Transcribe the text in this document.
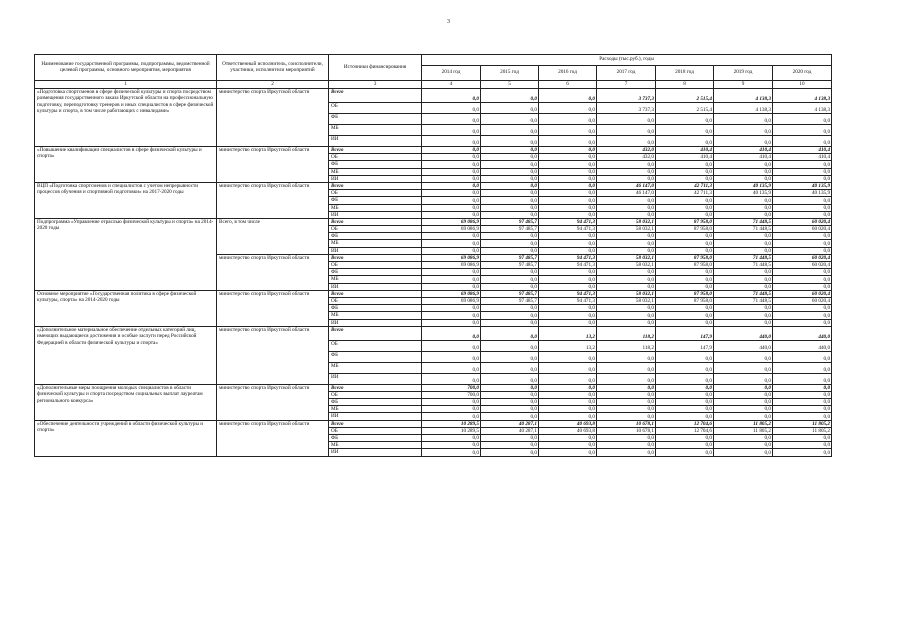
3
Наименование государственной программы, подпрограммы, ведомственной целевой программы, основного мероприятия, мероприятия	Ответственный исполнитель, соисполнители, участники, исполнители мероприятий	Источники финансирования	Расходы (тыс.руб.), годы						
			2014 год	2015 год	2016 год	2017 год	2018 год	2019 год	2020 год
1	2	3	4	5	6	7	8	9	10
«Подготовка спортсменов в сфере физической культуры и спорта посредством размещения государственного заказа Иркутской области на профессиональную подготовку, переподготовку тренеров и иных специалистов в сфере физической культуры и спорта, в том числе работающих с инвалидами»	министерство спорта Иркутской области	Всего	0,0	0,0	0,0	3 737,3	2 515,4	4 138,3	4 138,3
		ОБ	0,0	0,0	0,0	3 737,3	2 515,4	4 138,3	4 138,3
		ФБ	0,0	0,0	0,0	0,0	0,0	0,0	0,0
		МБ	0,0	0,0	0,0	0,0	0,0	0,0	0,0
		ИИ	0,0	0,0	0,0	0,0	0,0	0,0	0,0
«Повышение квалификации специалистов в сфере физической культуры и спорта»	министерство спорта Иркутской области	Всего	0,0	0,0	0,0	432,0	410,4	410,4	410,4
		ОБ	0,0	0,0	0,0	432,0	410,4	410,4	410,4
		ФБ	0,0	0,0	0,0	0,0	0,0	0,0	0,0
		МБ	0,0	0,0	0,0	0,0	0,0	0,0	0,0
		ИИ	0,0	0,0	0,0	0,0	0,0	0,0	0,0
ВЦП «Подготовка спортсменов и специалистов с учетом непрерывности процессов обучения и спортивной подготовки» на 2017-2020 годы	министерство спорта Иркутской области	Всего	0,0	0,0	0,0	46 147,0	42 711,3	40 135,9	40 135,9
		ОБ	0,0	0,0	0,0	46 147,0	42 711,3	40 135,9	40 135,9
		ФБ	0,0	0,0	0,0	0,0	0,0	0,0	0,0
		МБ	0,0	0,0	0,0	0,0	0,0	0,0	0,0
		ИИ	0,0	0,0	0,0	0,0	0,0	0,0	0,0
Подпрограмма «Управление отраслью физической культуры и спорта» на 2014-2020 годы	Всего, в том числе	Всего	69 086,9	97 485,7	94 471,3	58 032,1	87 958,0	71 448,5	60 020,4
		ОБ	69 086,9	97 485,7	94 471,3	58 032,1	87 958,0	71 448,5	60 020,4
		ФБ	0,0	0,0	0,0	0,0	0,0	0,0	0,0
		МБ	0,0	0,0	0,0	0,0	0,0	0,0	0,0
		ИИ	0,0	0,0	0,0	0,0	0,0	0,0	0,0
	министерство спорта Иркутской области	Всего	69 086,9	97 485,7	94 471,3	58 032,1	87 958,0	71 448,5	60 020,4
		ОБ	69 086,9	97 485,7	94 471,3	58 032,1	87 958,0	71 448,5	60 020,4
		ФБ	0,0	0,0	0,0	0,0	0,0	0,0	0,0
		МБ	0,0	0,0	0,0	0,0	0,0	0,0	0,0
		ИИ	0,0	0,0	0,0	0,0	0,0	0,0	0,0
Основное мероприятие «Государственная политика в сфере физической культуры, спорта» на 2014-2020 годы	министерство спорта Иркутской области	Всего	69 086,9	97 485,7	94 471,3	58 032,1	87 958,0	71 448,5	60 020,4
		ОБ	69 086,9	97 485,7	94 471,3	58 032,1	87 958,0	71 448,5	60 020,4
		ФБ	0,0	0,0	0,0	0,0	0,0	0,0	0,0
		МБ	0,0	0,0	0,0	0,0	0,0	0,0	0,0
		ИИ	0,0	0,0	0,0	0,0	0,0	0,0	0,0
«Дополнительное материальное обеспечение отдельных категорий лиц, имеющих выдающиеся достижения и особые заслуги перед Российской Федерацией в области физической культуры и спорта»	министерство спорта Иркутской области	Всего	0,0	0,0	13,2	118,2	147,9	440,0	440,0
		ОБ	0,0	0,0	13,2	118,2	147,9	440,0	440,0
		ФБ	0,0	0,0	0,0	0,0	0,0	0,0	0,0
		МБ	0,0	0,0	0,0	0,0	0,0	0,0	0,0
		ИИ	0,0	0,0	0,0	0,0	0,0	0,0	0,0
«Дополнительные меры поощрения молодых специалистов в области физической культуры и спорта посредством социальных выплат лауреатам регионального конкурса»	министерство спорта Иркутской области	Всего	700,0	0,0	0,0	0,0	0,0	0,0	0,0
		ОБ	700,0	0,0	0,0	0,0	0,0	0,0	0,0
		ФБ	0,0	0,0	0,0	0,0	0,0	0,0	0,0
		МБ	0,0	0,0	0,0	0,0	0,0	0,0	0,0
		ИИ	0,0	0,0	0,0	0,0	0,0	0,0	0,0
«Обеспечение деятельности учреждений в области физической культуры и спорта»	министерство спорта Иркутской области	Всего	10 289,5	40 287,1	40 693,8	10 678,1	12 704,6	11 805,2	11 805,2
		ОБ	10 289,5	40 287,1	40 693,8	10 678,1	12 704,6	11 805,2	11 805,2
		ФБ	0,0	0,0	0,0	0,0	0,0	0,0	0,0
		МБ	0,0	0,0	0,0	0,0	0,0	0,0	0,0
		ИИ	0,0	0,0	0,0	0,0	0,0	0,0	0,0
